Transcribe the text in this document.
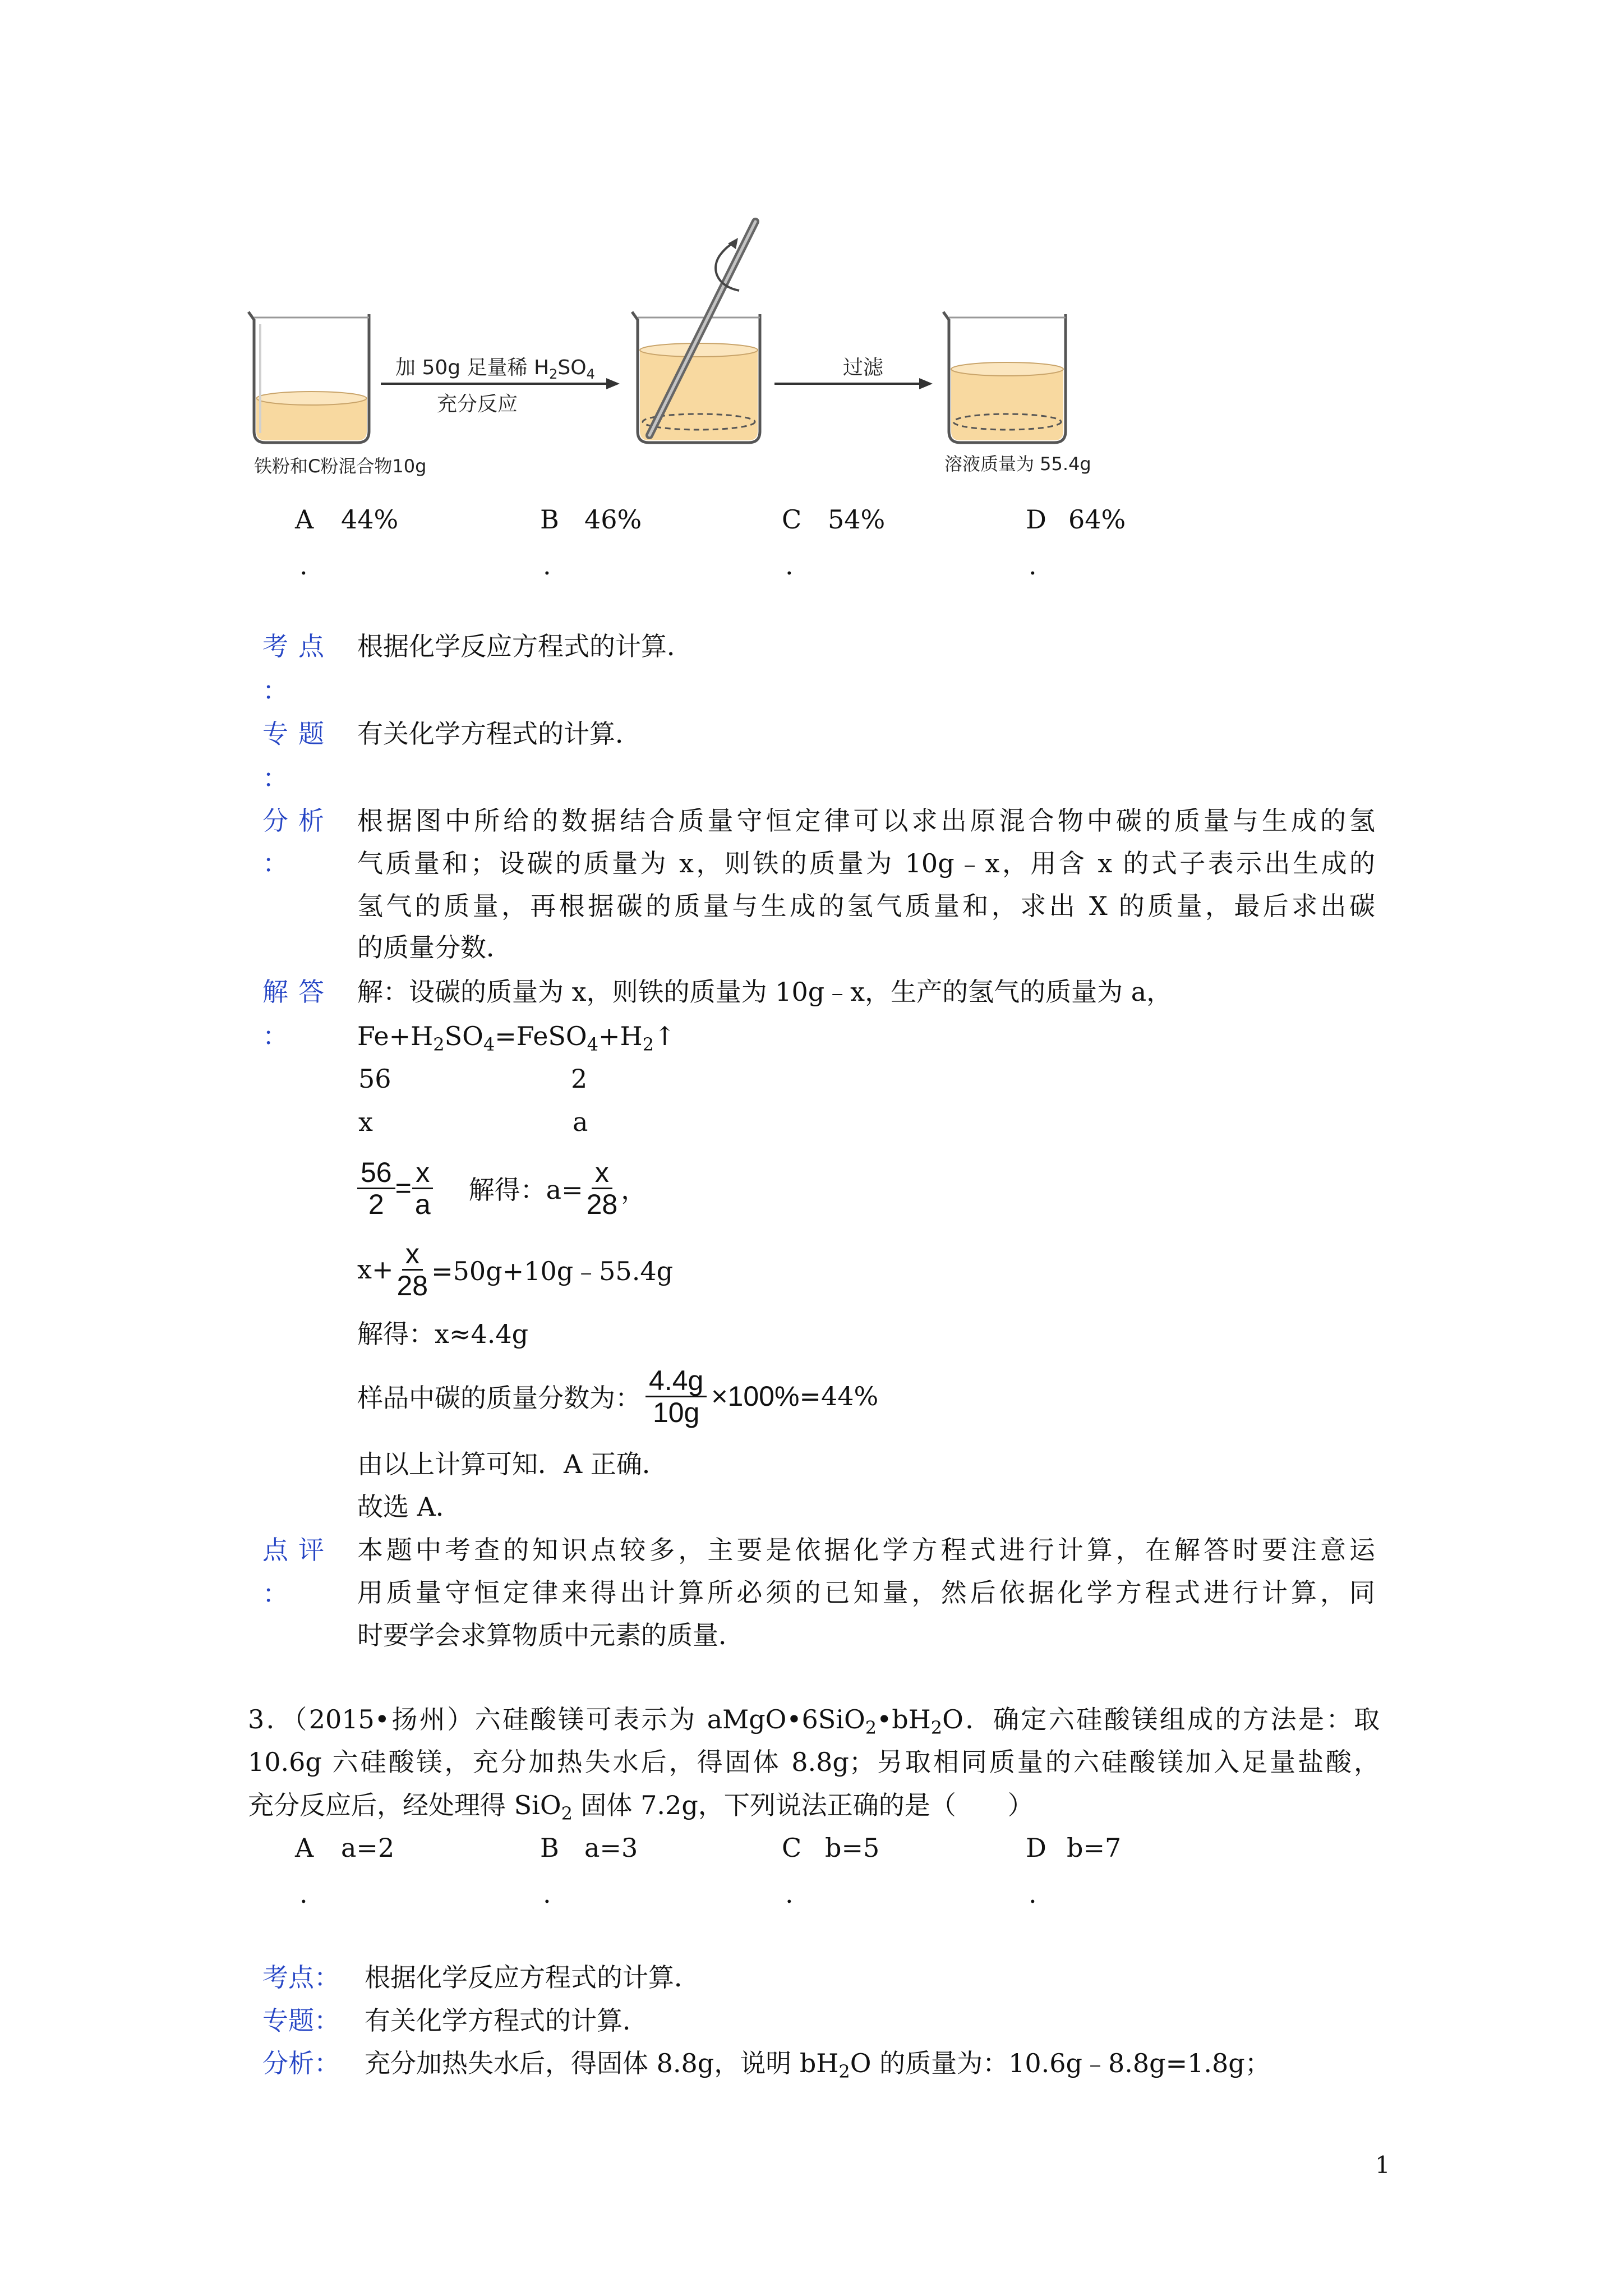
铁粉和C粉混合物10g
加 50g 足量稀 $H_2SO_4$
充分反应
过滤
溶液质量为 55.4g
A 44%
.
B 46%
.
C 54%
.
D 64%
.
考点
：
根据化学反应方程式的计算．
专题
：
有关化学方程式的计算．
分析
：
根据图中所给的数据结合质量守恒定律可以求出原混合物中碳的质量与生成的氢
气质量和；设碳的质量为 x，则铁的质量为 10g﹣x，用含 x 的式子表示出生成的
氢气的质量，再根据碳的质量与生成的氢气质量和，求出 X 的质量，最后求出碳
的质量分数．
解答
：
解：设碳的质量为 x，则铁的质量为 10g﹣x，生产的氢气的质量为 a，
$Fe+H_2SO_4=FeSO_4+H_2↑$
56	2
x	a
$\frac{56}{2} = \frac{x}{a}$ 解得：$a= \frac{x}{28}$ ，
$x+ \frac{x}{28}$ =50g+10g﹣55.4g
解得：x≈4.4g
样品中碳的质量分数为： $\frac{4.4g}{10g} \times 100\% =44\%$
由以上计算可知．A 正确．
故选 A．
点评
：
本题中考查的知识点较多，主要是依据化学方程式进行计算，在解答时要注意运
用质量守恒定律来得出计算所必须的已知量，然后依据化学方程式进行计算，同
时要学会求算物质中元素的质量．
3．（2015•扬州）六硅酸镁可表示为 $aMgO•6SiO_2•bH_2O$．确定六硅酸镁组成的方法是：取
10.6g 六硅酸镁，充分加热失水后，得固体 8.8g；另取相同质量的六硅酸镁加入足量盐酸，
充分反应后，经处理得 SiO$_2$ 固体 7.2g，下列说法正确的是（　　）
A a=2
.
B a=3
.
C b=5
.
D b=7
.
考点： 根据化学反应方程式的计算．
专题： 有关化学方程式的计算．
分析： 充分加热失水后，得固体 8.8g，说明 $bH_2O$ 的质量为：10.6g﹣8.8g=1.8g；
1
